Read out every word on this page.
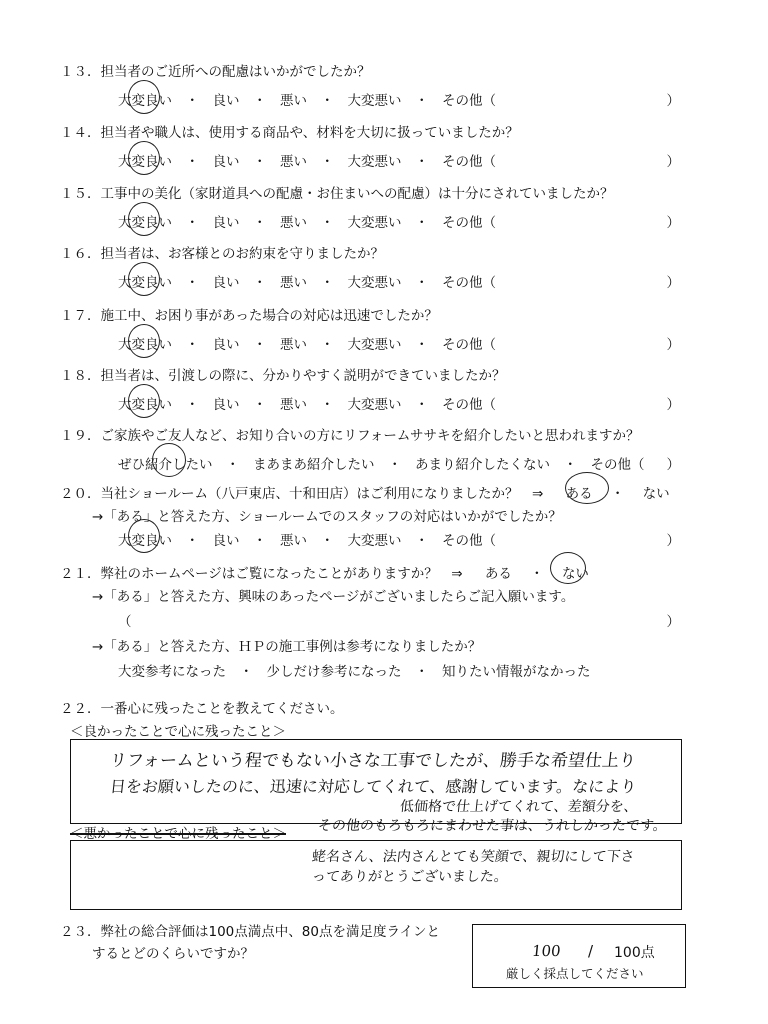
１３．担当者のご近所への配慮はいかがでしたか？
大変良い　・　良い　・　悪い　・　大変悪い　・　その他（	）
１４．担当者や職人は、使用する商品や、材料を大切に扱っていましたか？
大変良い　・　良い　・　悪い　・　大変悪い　・　その他（	）
１５．工事中の美化（家財道具への配慮・お住まいへの配慮）は十分にされていましたか？
大変良い　・　良い　・　悪い　・　大変悪い　・　その他（	）
１６．担当者は、お客様とのお約束を守りましたか？
大変良い　・　良い　・　悪い　・　大変悪い　・　その他（	）
１７．施工中、お困り事があった場合の対応は迅速でしたか？
大変良い　・　良い　・　悪い　・　大変悪い　・　その他（	）
１８．担当者は、引渡しの際に、分かりやすく説明ができていましたか？
大変良い　・　良い　・　悪い　・　大変悪い　・　その他（	）
１９．ご家族やご友人など、お知り合いの方にリフォームササキを紹介したいと思われますか？
ぜひ紹介したい　・　まあまあ紹介したい　・　あまり紹介したくない　・　その他（ ）
２０．当社ショールーム（八戸東店、十和田店）はご利用になりましたか？　⇒ ある ・ ない
→「ある」と答えた方、ショールームでのスタッフの対応はいかがでしたか？
大変良い　・　良い　・　悪い　・　大変悪い　・　その他（	）
２１．弊社のホームページはご覧になったことがありますか？　⇒ ある ・ ない
→「ある」と答えた方、興味のあったページがございましたらご記入願います。
（	）
→「ある」と答えた方、ＨＰの施工事例は参考になりましたか？
大変参考になった　・　少しだけ参考になった　・　知りたい情報がなかった
２２．一番心に残ったことを教えてください。
＜良かったことで心に残ったこと＞
リフォームという程でもない小さな工事でしたが、勝手な希望仕上り
日をお願いしたのに、迅速に対応してくれて、感謝しています。なにより
低価格で仕上げてくれて、差額分を、
＜悪かったことで心に残ったこと＞ その他のもろもろにまわせた事は、うれしかったです。
蛯名さん、法内さんとても笑顔で、親切にして下さ
ってありがとうございました。
２３．弊社の総合評価は100点満点中、80点を満足度ラインと
するとどのくらいですか？	100 / 100点
厳しく採点してください
